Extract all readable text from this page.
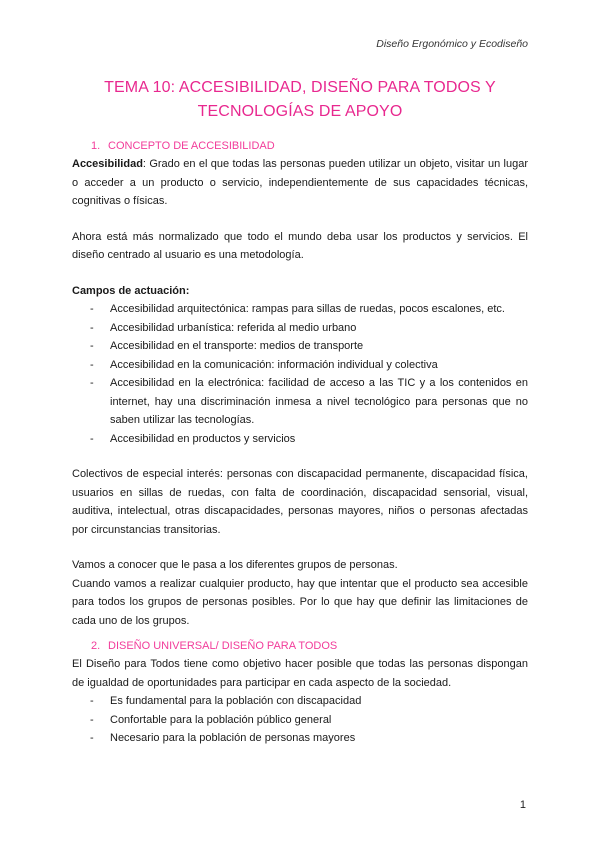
Diseño Ergonómico y Ecodiseño
TEMA 10: ACCESIBILIDAD, DISEÑO PARA TODOS Y
TECNOLOGÍAS DE APOYO
1. CONCEPTO DE ACCESIBILIDAD

Accesibilidad: Grado en el que todas las personas pueden utilizar un objeto, visitar un lugar o acceder a un producto o servicio, independientemente de sus capacidades técnicas, cognitivas o físicas.

Ahora está más normalizado que todo el mundo deba usar los productos y servicios. El diseño centrado al usuario es una metodología.

Campos de actuación:

- Accesibilidad arquitectónica: rampas para sillas de ruedas, pocos escalones, etc.
- Accesibilidad urbanística: referida al medio urbano
- Accesibilidad en el transporte: medios de transporte
- Accesibilidad en la comunicación: información individual y colectiva
- Accesibilidad en la electrónica: facilidad de acceso a las TIC y a los contenidos en internet, hay una discriminación inmesa a nivel tecnológico para personas que no saben utilizar las tecnologías.
- Accesibilidad en productos y servicios

Colectivos de especial interés: personas con discapacidad permanente, discapacidad física, usuarios en sillas de ruedas, con falta de coordinación, discapacidad sensorial, visual, auditiva, intelectual, otras discapacidades, personas mayores, niños o personas afectadas por circunstancias transitorias.

Vamos a conocer que le pasa a los diferentes grupos de personas.

Cuando vamos a realizar cualquier producto, hay que intentar que el producto sea accesible para todos los grupos de personas posibles. Por lo que hay que definir las limitaciones de cada uno de los grupos.

2. DISEÑO UNIVERSAL/ DISEÑO PARA TODOS

El Diseño para Todos tiene como objetivo hacer posible que todas las personas dispongan de igualdad de oportunidades para participar en cada aspecto de la sociedad.

- Es fundamental para la población con discapacidad
- Confortable para la población público general
- Necesario para la población de personas mayores
1
